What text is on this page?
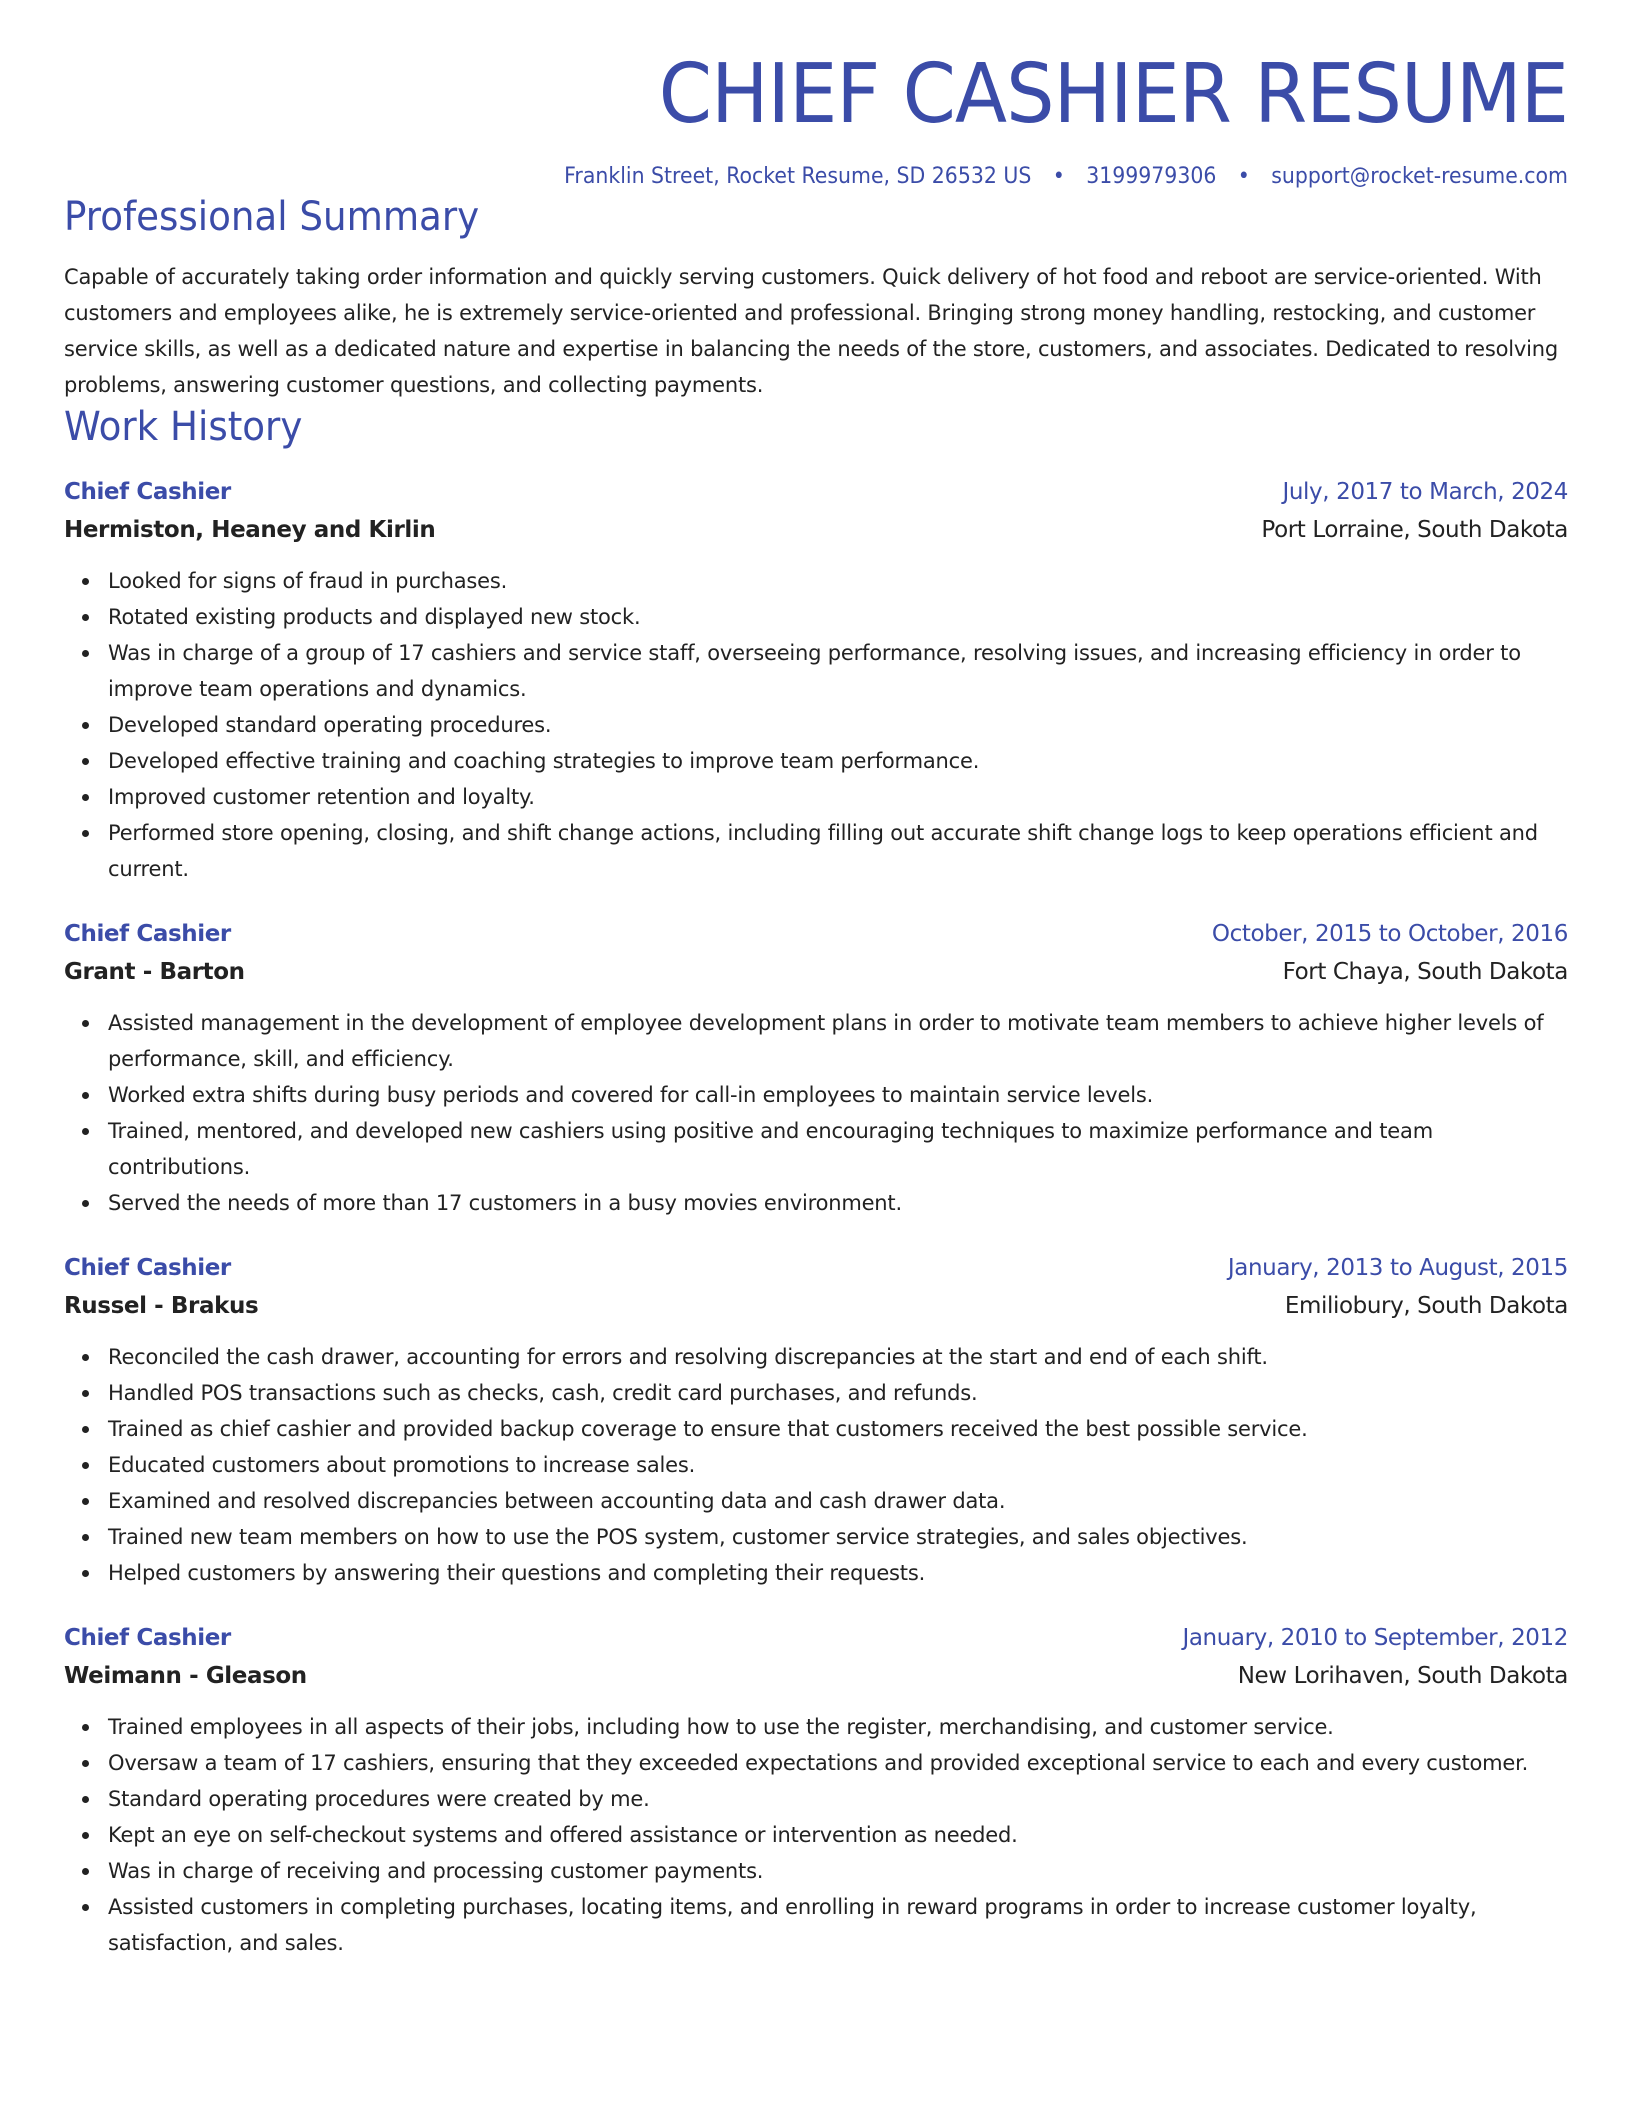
CHIEF CASHIER RESUME
Franklin Street, Rocket Resume, SD 26532 US • 3199979306 • support@rocket-resume.com
Professional Summary

Capable of accurately taking order information and quickly serving customers. Quick delivery of hot food and reboot are service-oriented. With customers and employees alike, he is extremely service-oriented and professional. Bringing strong money handling, restocking, and customer service skills, as well as a dedicated nature and expertise in balancing the needs of the store, customers, and associates. Dedicated to resolving problems, answering customer questions, and collecting payments.

Work History
Chief Cashier	July, 2017 to March, 2024
Hermiston, Heaney and Kirlin	Port Lorraine, South Dakota
Looked for signs of fraud in purchases.
Rotated existing products and displayed new stock.
Was in charge of a group of 17 cashiers and service staff, overseeing performance, resolving issues, and increasing efficiency in order to improve team operations and dynamics.
Developed standard operating procedures.
Developed effective training and coaching strategies to improve team performance.
Improved customer retention and loyalty.
Performed store opening, closing, and shift change actions, including filling out accurate shift change logs to keep operations efficient and current.
Chief Cashier	October, 2015 to October, 2016
Grant - Barton	Fort Chaya, South Dakota
Assisted management in the development of employee development plans in order to motivate team members to achieve higher levels of performance, skill, and efficiency.
Worked extra shifts during busy periods and covered for call-in employees to maintain service levels.
Trained, mentored, and developed new cashiers using positive and encouraging techniques to maximize performance and team contributions.
Served the needs of more than 17 customers in a busy movies environment.
Chief Cashier	January, 2013 to August, 2015
Russel - Brakus	Emiliobury, South Dakota
Reconciled the cash drawer, accounting for errors and resolving discrepancies at the start and end of each shift.
Handled POS transactions such as checks, cash, credit card purchases, and refunds.
Trained as chief cashier and provided backup coverage to ensure that customers received the best possible service.
Educated customers about promotions to increase sales.
Examined and resolved discrepancies between accounting data and cash drawer data.
Trained new team members on how to use the POS system, customer service strategies, and sales objectives.
Helped customers by answering their questions and completing their requests.
Chief Cashier	January, 2010 to September, 2012
Weimann - Gleason	New Lorihaven, South Dakota
Trained employees in all aspects of their jobs, including how to use the register, merchandising, and customer service.
Oversaw a team of 17 cashiers, ensuring that they exceeded expectations and provided exceptional service to each and every customer.
Standard operating procedures were created by me.
Kept an eye on self-checkout systems and offered assistance or intervention as needed.
Was in charge of receiving and processing customer payments.
Assisted customers in completing purchases, locating items, and enrolling in reward programs in order to increase customer loyalty, satisfaction, and sales.
